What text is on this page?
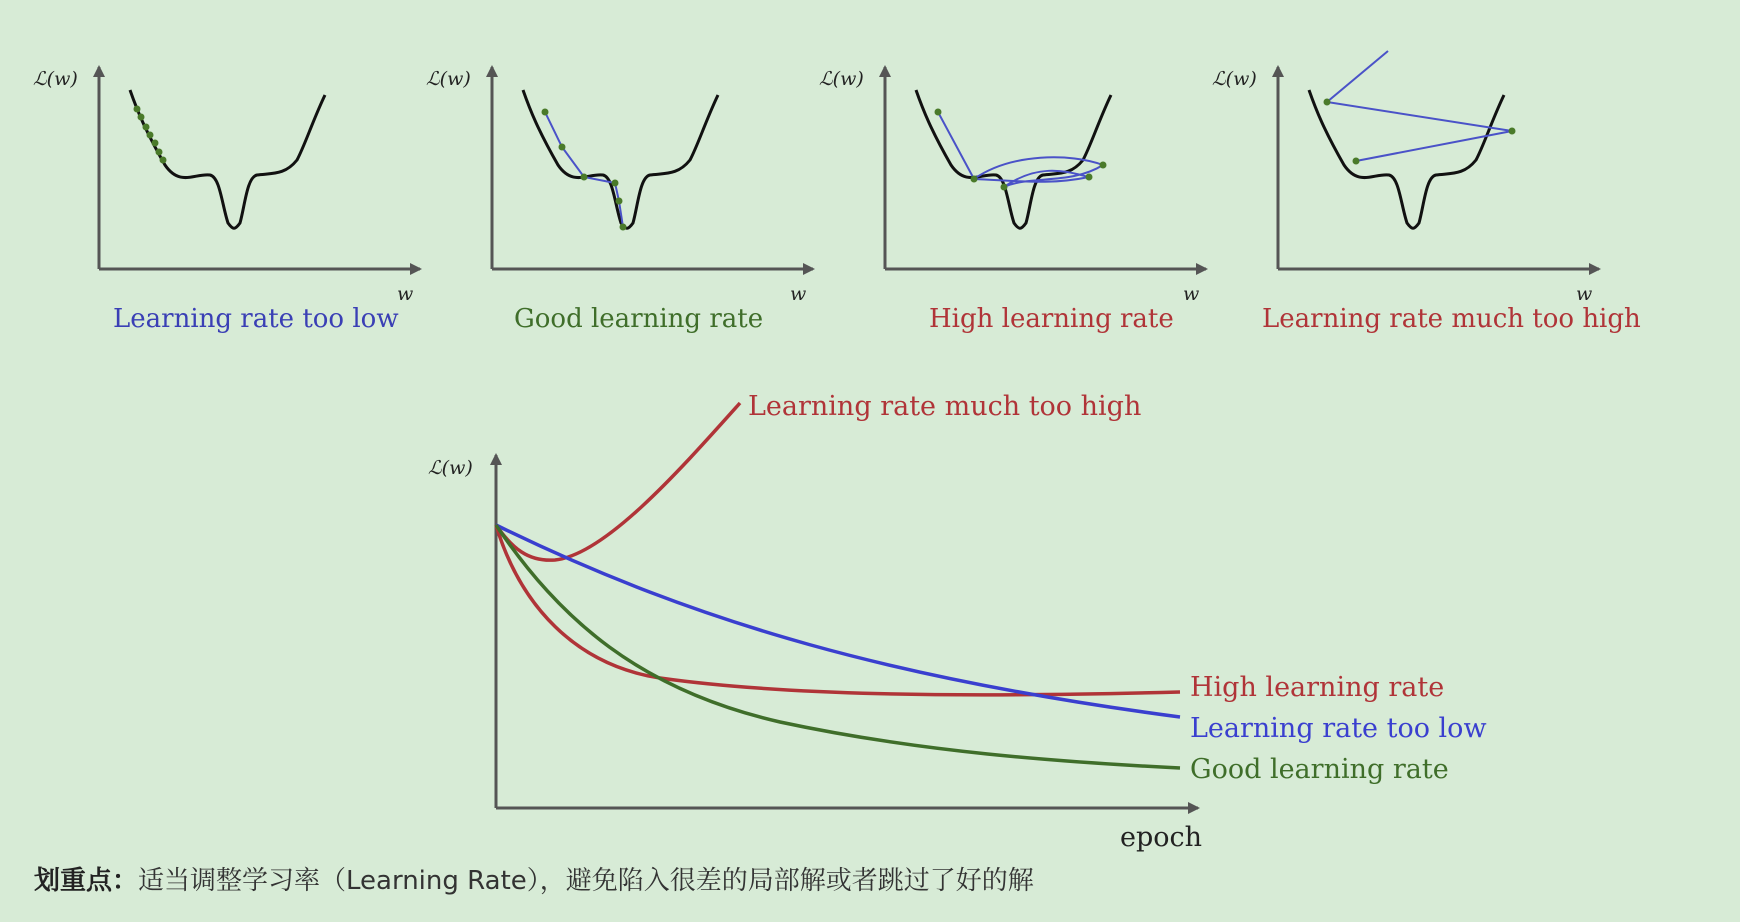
ℒ(w)
w
Learning rate too low
ℒ(w)
w
Good learning rate
ℒ(w)
w
High learning rate
ℒ(w)
w
Learning rate much too high
ℒ(w)
epoch
Learning rate much too high
High learning rate
Learning rate too low
Good learning rate
划重点：适当调整学习率（Learning Rate），避免陷入很差的局部解或者跳过了好的解
